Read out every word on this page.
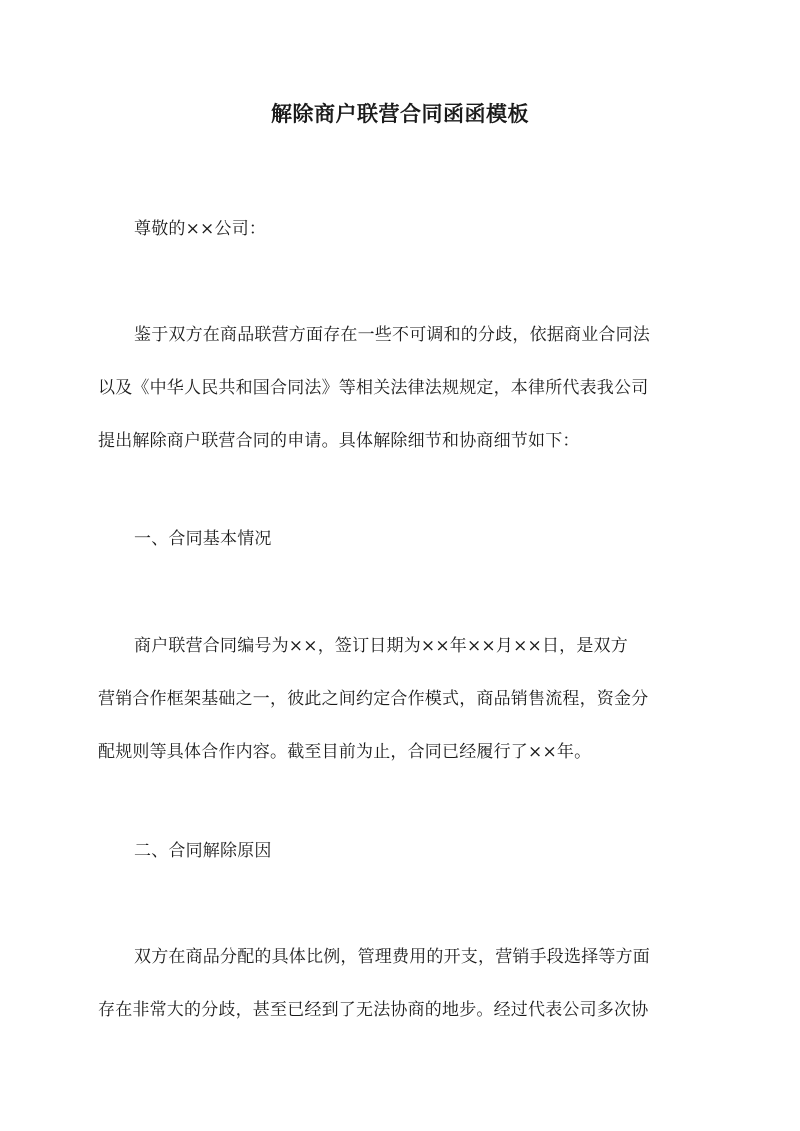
解除商户联营合同函函模板
尊敬的××公司：
鉴于双方在商品联营方面存在一些不可调和的分歧，依据商业合同法
以及《中华人民共和国合同法》等相关法律法规规定，本律所代表我公司
提出解除商户联营合同的申请。具体解除细节和协商细节如下：
一、合同基本情况
商户联营合同编号为××，签订日期为××年××月××日，是双方
营销合作框架基础之一，彼此之间约定合作模式，商品销售流程，资金分
配规则等具体合作内容。截至目前为止，合同已经履行了××年。
二、合同解除原因
双方在商品分配的具体比例，管理费用的开支，营销手段选择等方面
存在非常大的分歧，甚至已经到了无法协商的地步。经过代表公司多次协
